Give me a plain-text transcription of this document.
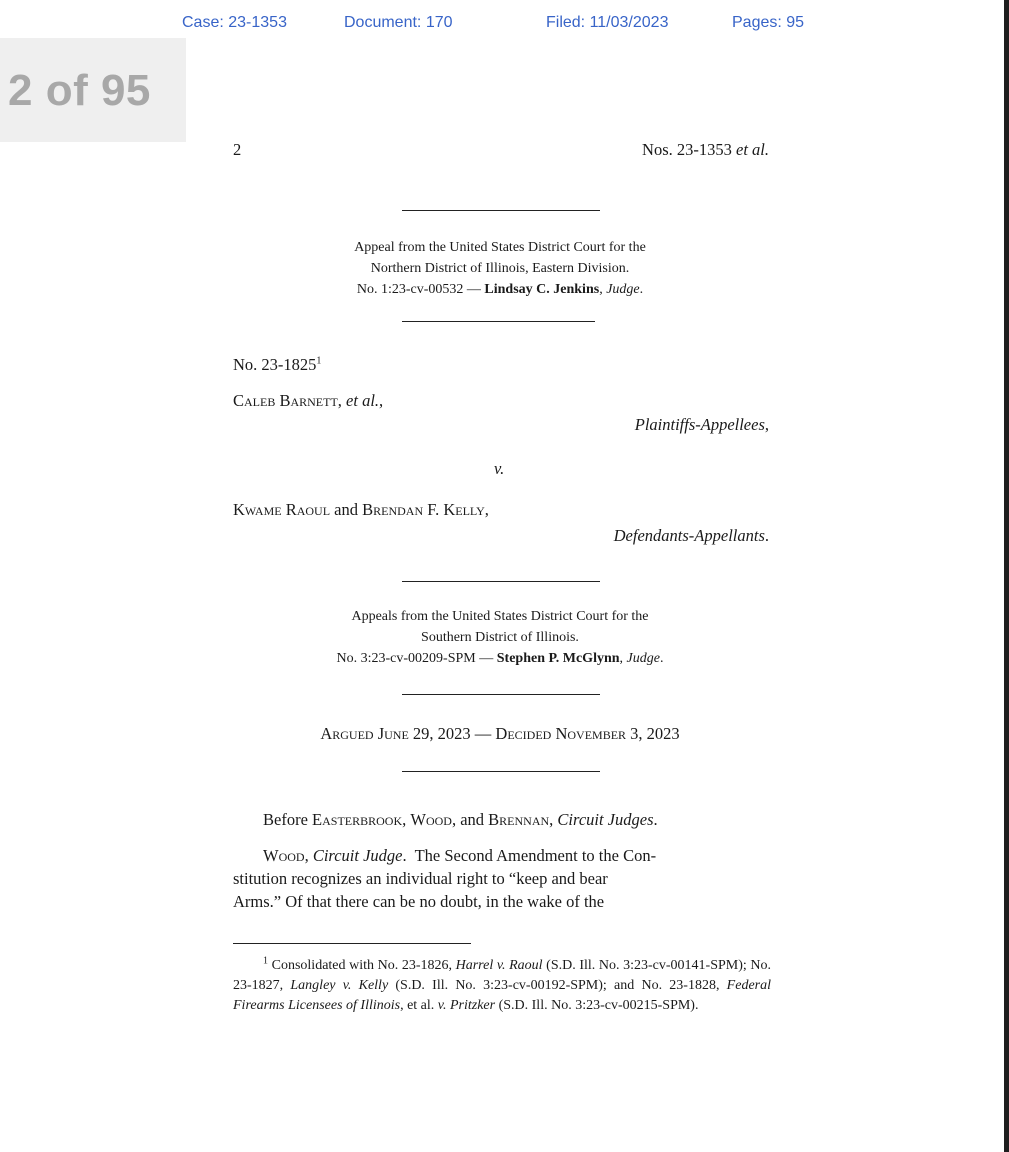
Case: 23-1353	Document: 170	Filed: 11/03/2023	Pages: 95
2 of 95
2	Nos. 23-1353 et al.
Appeal from the United States District Court for the
Northern District of Illinois, Eastern Division.
No. 1:23-cv-00532 — Lindsay C. Jenkins, Judge.
No. 23-1825$^1$
Caleb Barnett, et al.,
Plaintiffs-Appellees,
v.
Kwame Raoul and Brendan F. Kelly,
Defendants-Appellants.
Appeals from the United States District Court for the
Southern District of Illinois.
No. 3:23-cv-00209-SPM — Stephen P. McGlynn, Judge.
Argued June 29, 2023 — Decided November 3, 2023
Before Easterbrook, Wood, and Brennan, Circuit Judges.

Wood, Circuit Judge.  The Second Amendment to the Con-
stitution recognizes an individual right to “keep and bear
Arms.” Of that there can be no doubt, in the wake of the

$^1$ Consolidated with No. 23-1826, Harrel v. Raoul (S.D. Ill. No. 3:23-cv-00141-SPM); No. 23-1827, Langley v. Kelly (S.D. Ill. No. 3:23-cv-00192-SPM); and No. 23-1828, Federal Firearms Licensees of Illinois, et al. v. Pritzker (S.D. Ill. No. 3:23-cv-00215-SPM).
